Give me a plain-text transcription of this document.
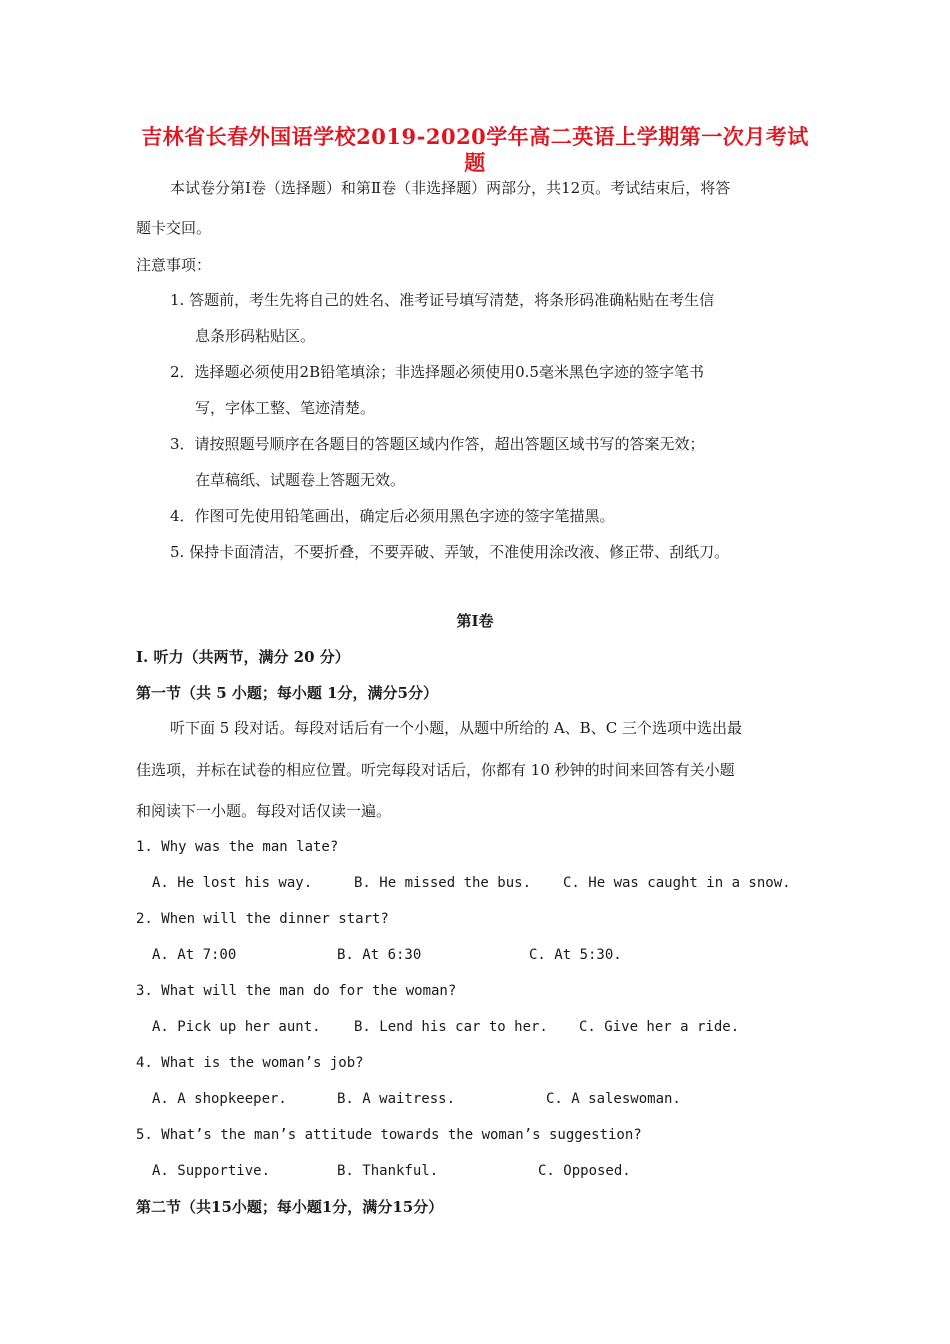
吉林省长春外国语学校2019-2020学年高二英语上学期第一次月考试
题
本试卷分第Ⅰ卷（选择题）和第Ⅱ卷（非选择题）两部分，共12页。考试结束后，将答
题卡交回。
注意事项：
1. 答题前，考生先将自己的姓名、准考证号填写清楚，将条形码准确粘贴在考生信
息条形码粘贴区。
2．选择题必须使用2B铅笔填涂；非选择题必须使用0.5毫米黑色字迹的签字笔书
写，字体工整、笔迹清楚。
3．请按照题号顺序在各题目的答题区域内作答，超出答题区域书写的答案无效；
在草稿纸、试题卷上答题无效。
4．作图可先使用铅笔画出，确定后必须用黑色字迹的签字笔描黑。
5. 保持卡面清洁，不要折叠，不要弄破、弄皱，不准使用涂改液、修正带、刮纸刀。
第Ⅰ卷
I. 听力（共两节，满分 20 分）
第一节（共 5 小题；每小题 1分，满分5分）
听下面 5 段对话。每段对话后有一个小题，从题中所给的 A、B、C 三个选项中选出最
佳选项，并标在试卷的相应位置。听完每段对话后，你都有 10 秒钟的时间来回答有关小题
和阅读下一小题。每段对话仅读一遍。
1. Why was the man late?
A. He lost his way.	B. He missed the bus. C. He was caught in a snow.
2. When will the dinner start?
A. At 7:00	B. At 6:30	C. At 5:30.
3. What will the man do for the woman?
A. Pick up her aunt. B. Lend his car to her. C. Give her a ride.
4. What is the woman’s job?
A. A shopkeeper.	B. A waitress.	C. A saleswoman.
5. What’s the man’s attitude towards the woman’s suggestion?
A. Supportive.	B. Thankful.	C. Opposed.
第二节（共15小题；每小题1分，满分15分）
